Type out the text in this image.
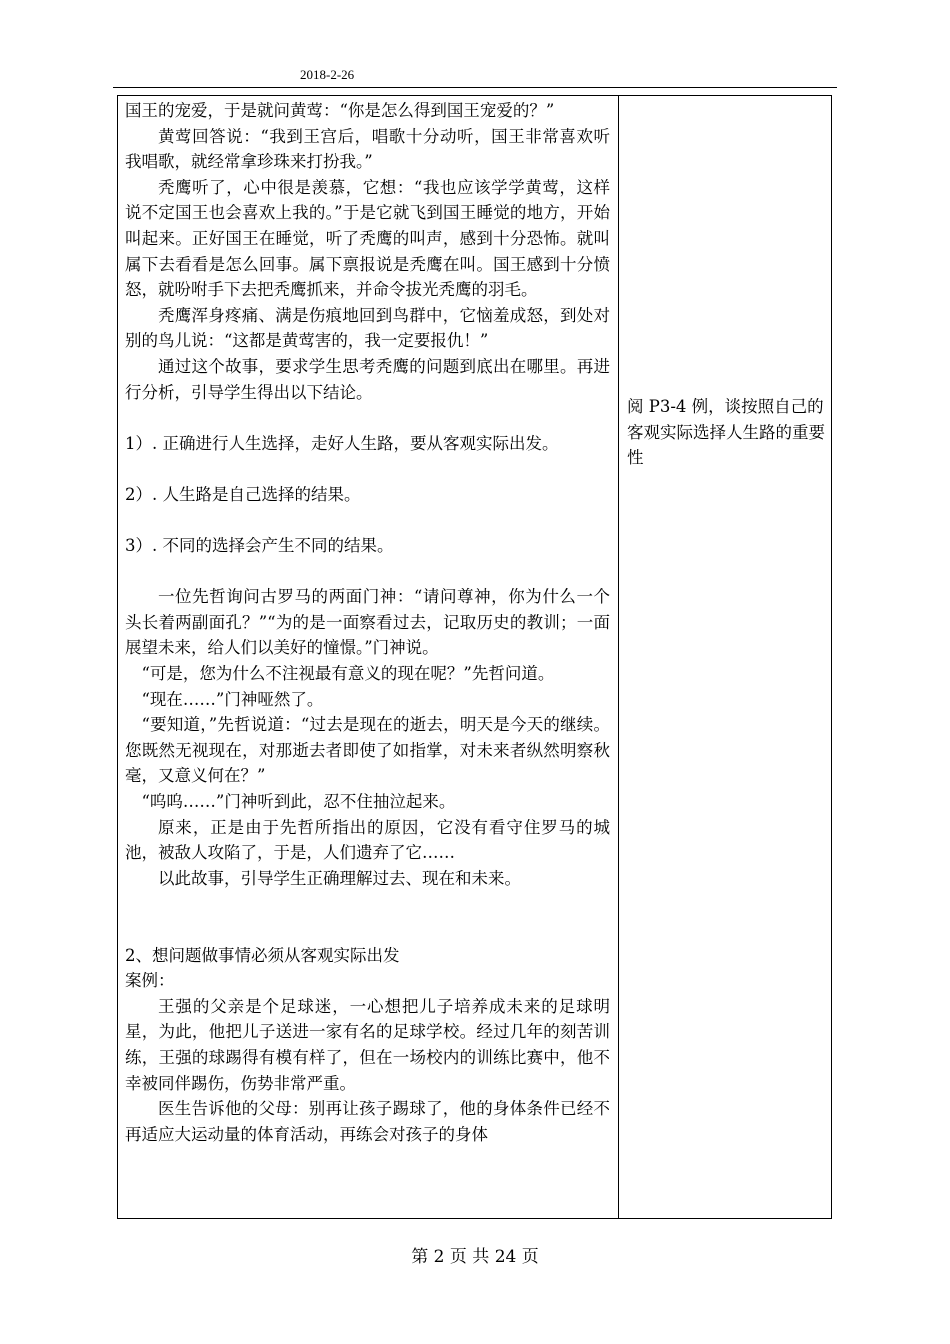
2018-2-26

国王的宠爱，于是就问黄莺：“你是怎么得到国王宠爱的？”

黄莺回答说：“我到王宫后，唱歌十分动听，国王非常喜欢听我唱歌，就经常拿珍珠来打扮我。”

秃鹰听了，心中很是羡慕，它想：“我也应该学学黄莺，这样说不定国王也会喜欢上我的。”于是它就飞到国王睡觉的地方，开始叫起来。正好国王在睡觉，听了秃鹰的叫声，感到十分恐怖。就叫属下去看看是怎么回事。属下禀报说是秃鹰在叫。国王感到十分愤怒，就吩咐手下去把秃鹰抓来，并命令拔光秃鹰的羽毛。

秃鹰浑身疼痛、满是伤痕地回到鸟群中，它恼羞成怒，到处对别的鸟儿说：“这都是黄莺害的，我一定要报仇！”

通过这个故事，要求学生思考秃鹰的问题到底出在哪里。再进行分析，引导学生得出以下结论。

1）. 正确进行人生选择，走好人生路，要从客观实际出发。

2）. 人生路是自己选择的结果。

3）. 不同的选择会产生不同的结果。

一位先哲询问古罗马的两面门神：“请问尊神，你为什么一个头长着两副面孔？”“为的是一面察看过去，记取历史的教训；一面展望未来，给人们以美好的憧憬。”门神说。

“可是，您为什么不注视最有意义的现在呢？”先哲问道。

“现在……”门神哑然了。

“要知道，”先哲说道：“过去是现在的逝去，明天是今天的继续。您既然无视现在，对那逝去者即使了如指掌，对未来者纵然明察秋毫，又意义何在？”

“呜呜……”门神听到此，忍不住抽泣起来。

原来，正是由于先哲所指出的原因，它没有看守住罗马的城池，被敌人攻陷了，于是，人们遗弃了它……

以此故事，引导学生正确理解过去、现在和未来。

2、想问题做事情必须从客观实际出发

案例：

王强的父亲是个足球迷，一心想把儿子培养成未来的足球明星，为此，他把儿子送进一家有名的足球学校。经过几年的刻苦训练，王强的球踢得有模有样了，但在一场校内的训练比赛中，他不幸被同伴踢伤，伤势非常严重。

医生告诉他的父母：别再让孩子踢球了，他的身体条件已经不再适应大运动量的体育活动，再练会对孩子的身体

阅 P3-4 例，谈按照自己的客观实际选择人生路的重要性
第 2 页 共 24 页
